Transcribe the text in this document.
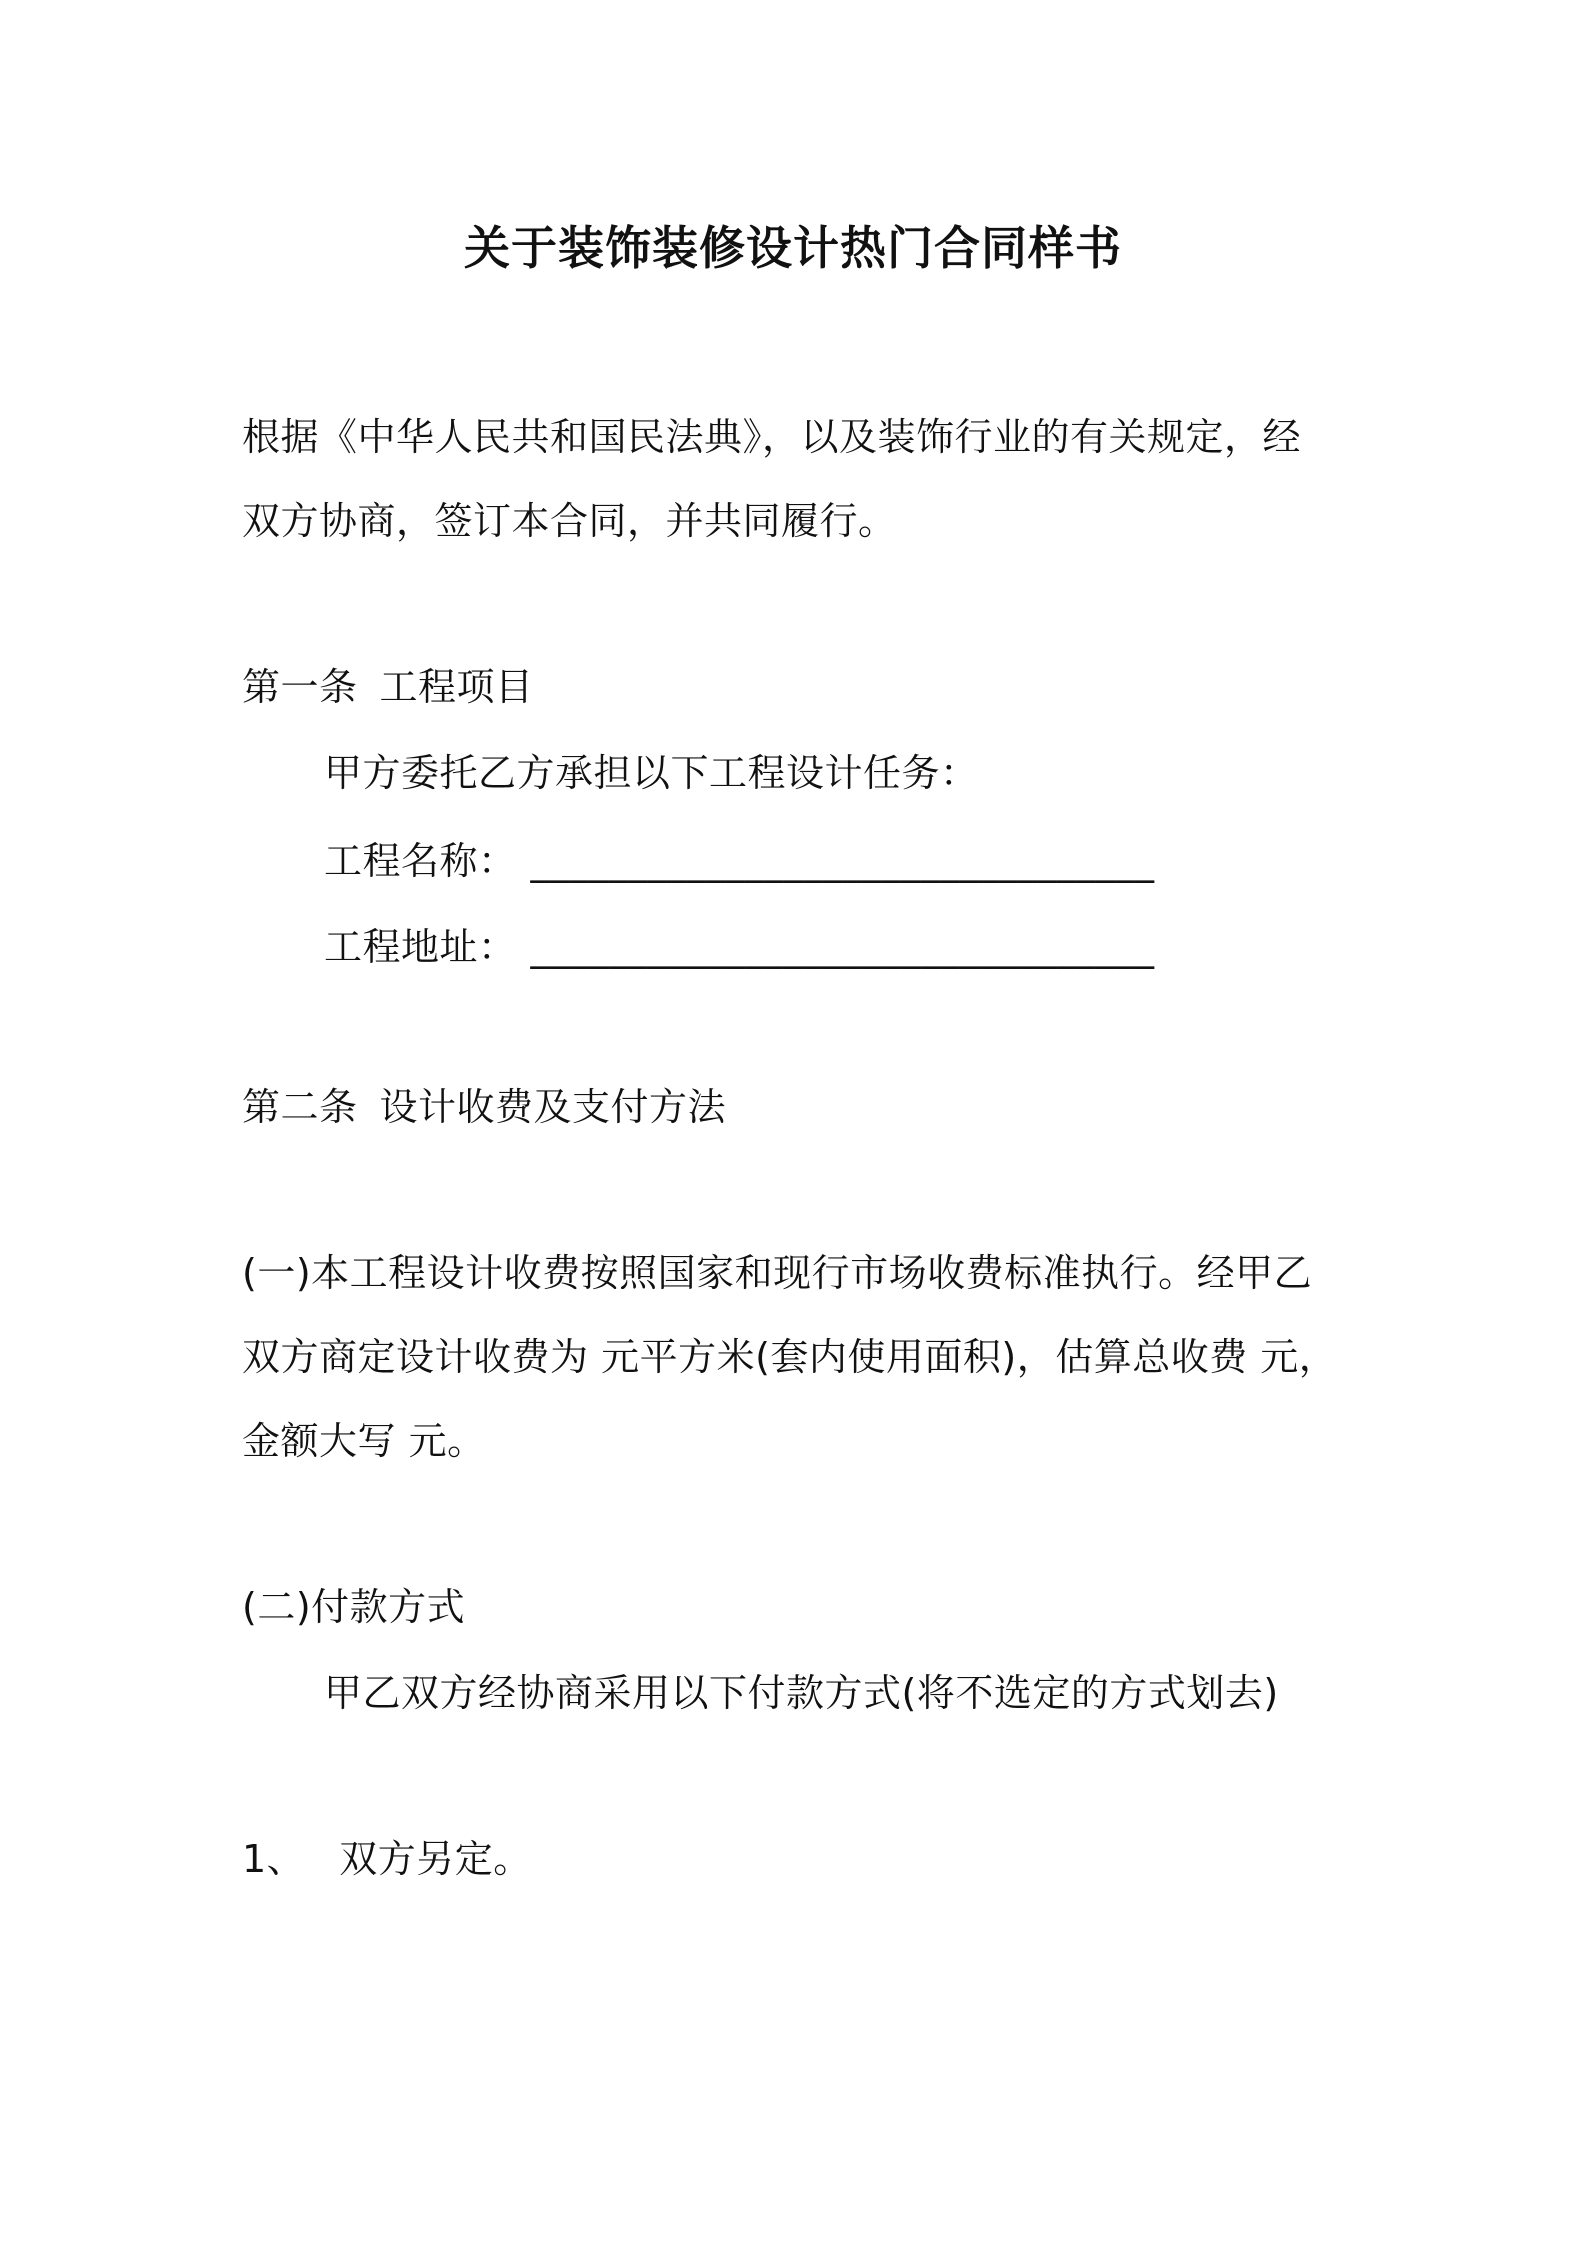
关于装饰装修设计热门合同样书
根据《中华人民共和国民法典》，以及装饰行业的有关规定，经
双方协商，签订本合同，并共同履行。
第一条 工程项目
甲方委托乙方承担以下工程设计任务：
工程名称： ________________________________
工程地址： ________________________________
第二条 设计收费及支付方法
(一)本工程设计收费按照国家和现行市场收费标准执行。经甲乙
双方商定设计收费为 元平方米(套内使用面积)，估算总收费 元，
金额大写 元。
(二)付款方式
甲乙双方经协商采用以下付款方式(将不选定的方式划去)
1、 双方另定。
